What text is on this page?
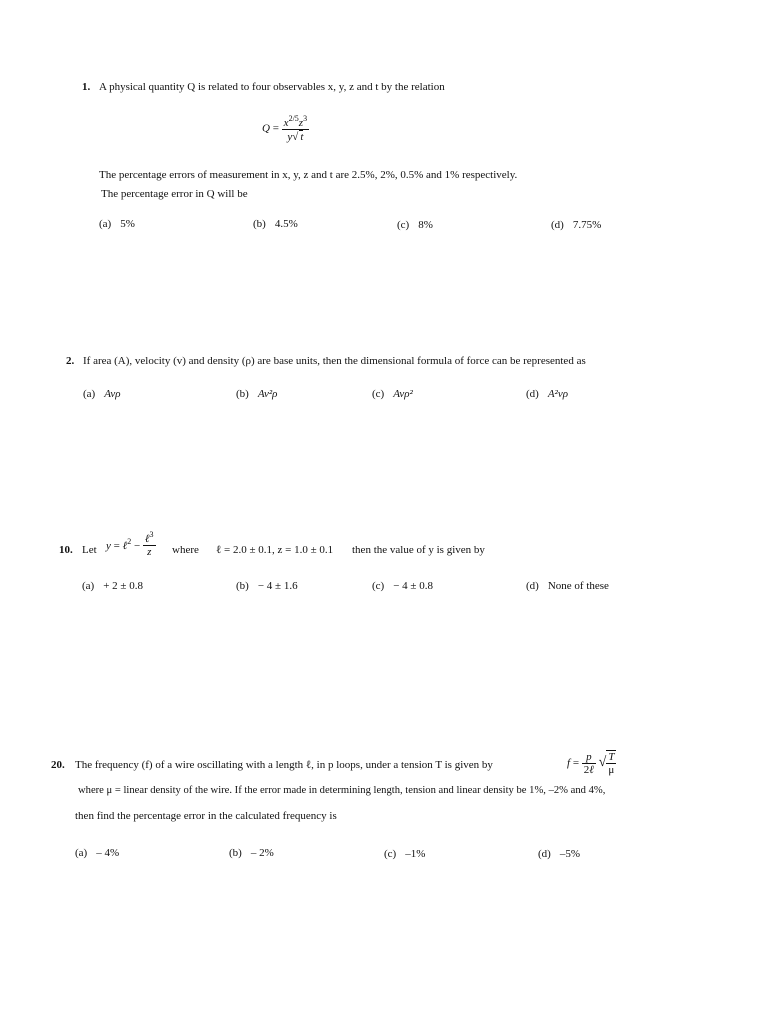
1. A physical quantity Q is related to four observables x, y, z and t by the relation
$Q = \frac{x^{2/5}z^3}{y√ t}$
The percentage errors of measurement in x, y, z and t are 2.5%, 2%, 0.5% and 1% respectively.
The percentage error in Q will be
(a) 5%	(b) 4.5%	(c) 8%	(d) 7.75%
2. If area (A), velocity (v) and density (ρ) are base units, then the dimensional formula of force can be represented as
(a) Avρ	(b) Av²ρ	(c) Avρ²	(d) A²vρ
10. Let y = ℓ$^2$ − $\frac{\ell^3}{z}$ where ℓ = 2.0 ± 0.1, z = 1.0 ± 0.1 then the value of y is given by
(a) + 2 ± 0.8	(b) − 4 ± 1.6	(c) − 4 ± 0.8	(d) None of these
20. The frequency (f) of a wire oscillating with a length ℓ, in p loops, under a tension T is given by	$f = \frac{p}{\text{2ℓ}}$ √ $\frac{T}{\mu}$
where μ = linear density of the wire. If the error made in determining length, tension and linear density be 1%, –2% and 4%,
then find the percentage error in the calculated frequency is
(a) – 4%	(b) – 2%	(c) –1%	(d) –5%
